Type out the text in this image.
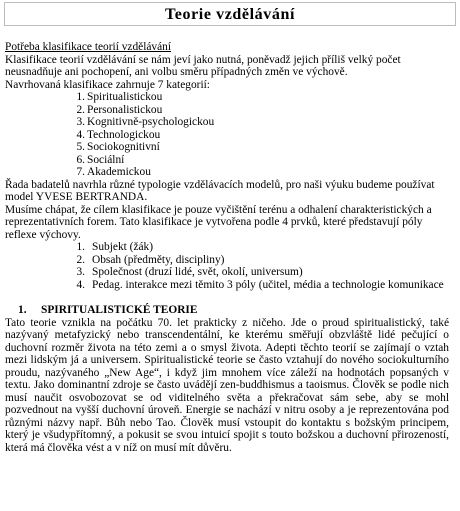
Teorie vzdělávání

Potřeba klasifikace teorií vzdělávání

Klasifikace teorií vzdělávání se nám jeví jako nutná, poněvadž jejich příliš velký počet neusnadňuje ani pochopení, ani volbu směru případných změn ve výchově.

Navrhovaná klasifikace zahrnuje 7 kategorií:

1. Spiritualistickou
2. Personalistickou
3. Kognitivně-psychologickou
4. Technologickou
5. Sociokognitivní
6. Sociální
7. Akademickou

Řada badatelů navrhla různé typologie vzdělávacích modelů, pro naši výuku budeme používat model YVESE BERTRANDA.

Musíme chápat, že cílem klasifikace je pouze vyčištění terénu a odhalení charakteristických a reprezentativních forem. Tato klasifikace je vytvořena podle 4 prvků, které představují póly reflexe výchovy.

1. Subjekt (žák)
2. Obsah (předměty, discipliny)
3. Společnost (druzí lidé, svět, okolí, universum)
4. Pedag. interakce mezi těmito 3 póly (učitel, média a technologie komunikace

1. SPIRITUALISTICKÉ TEORIE

Tato teorie vznikla na počátku 70. let prakticky z ničeho. Jde o proud spiritualistický, také nazývaný metafyzický nebo transcendentální, ke kterému směřují obzvláště lidé pečující o duchovní rozměr života na této zemi a o smysl života. Adepti těchto teorií se zajímají o vztah mezi lidským já a universem. Spiritualistické teorie se často vztahují do nového sociokulturního proudu, nazývaného „New Age“, i když jim mnohem více záleží na hodnotách popsaných v textu. Jako dominantní zdroje se často uvádějí zen-buddhismus a taoismus. Člověk se podle nich musí naučit osvobozovat se od viditelného světa a překračovat sám sebe, aby se mohl pozvednout na vyšší duchovní úroveň. Energie se nachází v nitru osoby a je reprezentována pod různými názvy např. Bůh nebo Tao. Člověk musí vstoupit do kontaktu s božským principem, který je všudypřítomný, a pokusit se svou intuicí spojit s touto božskou a duchovní přirozeností, která má člověka vést a v níž on musí mít důvěru.
